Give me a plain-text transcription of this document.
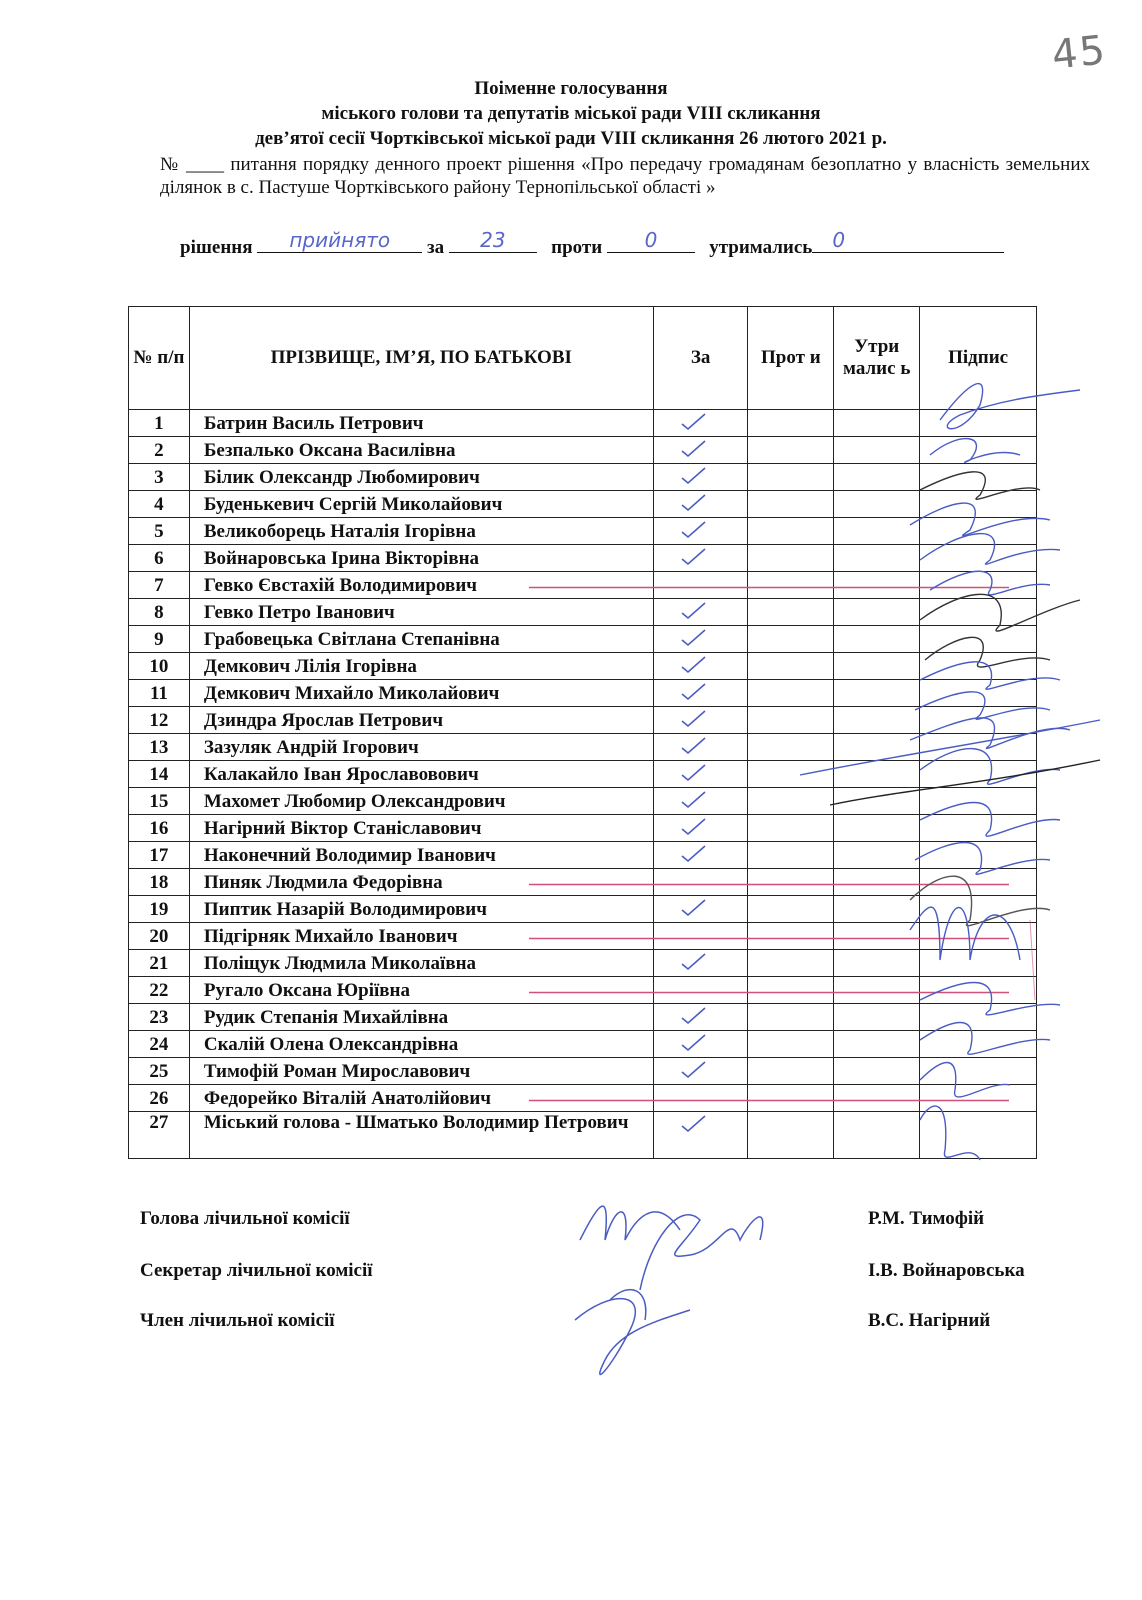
45
Поіменне голосування
міського голови та депутатів міської ради VIII скликання
дев’ятої сесії Чортківської міської ради VIII скликання 26 лютого 2021 р.
№ ____ питання порядку денного проект рішення «Про передачу громадянам безоплатно у власність земельних ділянок в с. Пастуше Чортківського району Тернопільської області »
рішення	прийнято	за	23	проти	0	утримались	0
№ п/п	ПРІЗВИЩЕ, ІМ’Я, ПО БАТЬКОВІ	За	Прот и	Утри малис ь	Підпис
1	Батрин Василь Петрович	

2	Безпалько Оксана Василівна	

3	Білик Олександр Любомирович	

4	Буденькевич Сергій Миколайович	

5	Великоборець Наталія Ігорівна	

6	Войнаровська Ірина Вікторівна	

7	Гевко Євстахій Володимирович	

8	Гевко Петро Іванович	

9	Грабовецька Світлана Степанівна	

10	Демкович Лілія Ігорівна	

11	Демкович Михайло Миколайович	

12	Дзиндра Ярослав Петрович	

13	Зазуляк Андрій Ігорович	

14	Калакайло Іван Ярославовович	

15	Махомет Любомир Олександрович	

16	Нагірний Віктор Станіславович	

17	Наконечний Володимир Іванович	

18	Пиняк Людмила Федорівна	

19	Пиптик Назарій Володимирович	

20	Підгірняк Михайло Іванович	

21	Поліщук Людмила Миколаївна	

22	Ругало Оксана Юріївна	

23	Рудик Степанія Михайлівна	

24	Скалій Олена Олександрівна	

25	Тимофій Роман Мирославович	

26	Федорейко Віталій Анатолійович	

27	Міський голова - Шматько Володимир Петрович	

Голова лічильної комісії	Р.М. Тимофій
Секретар лічильної комісії	І.В. Войнаровська
Член лічильної комісії	В.С. Нагірний
